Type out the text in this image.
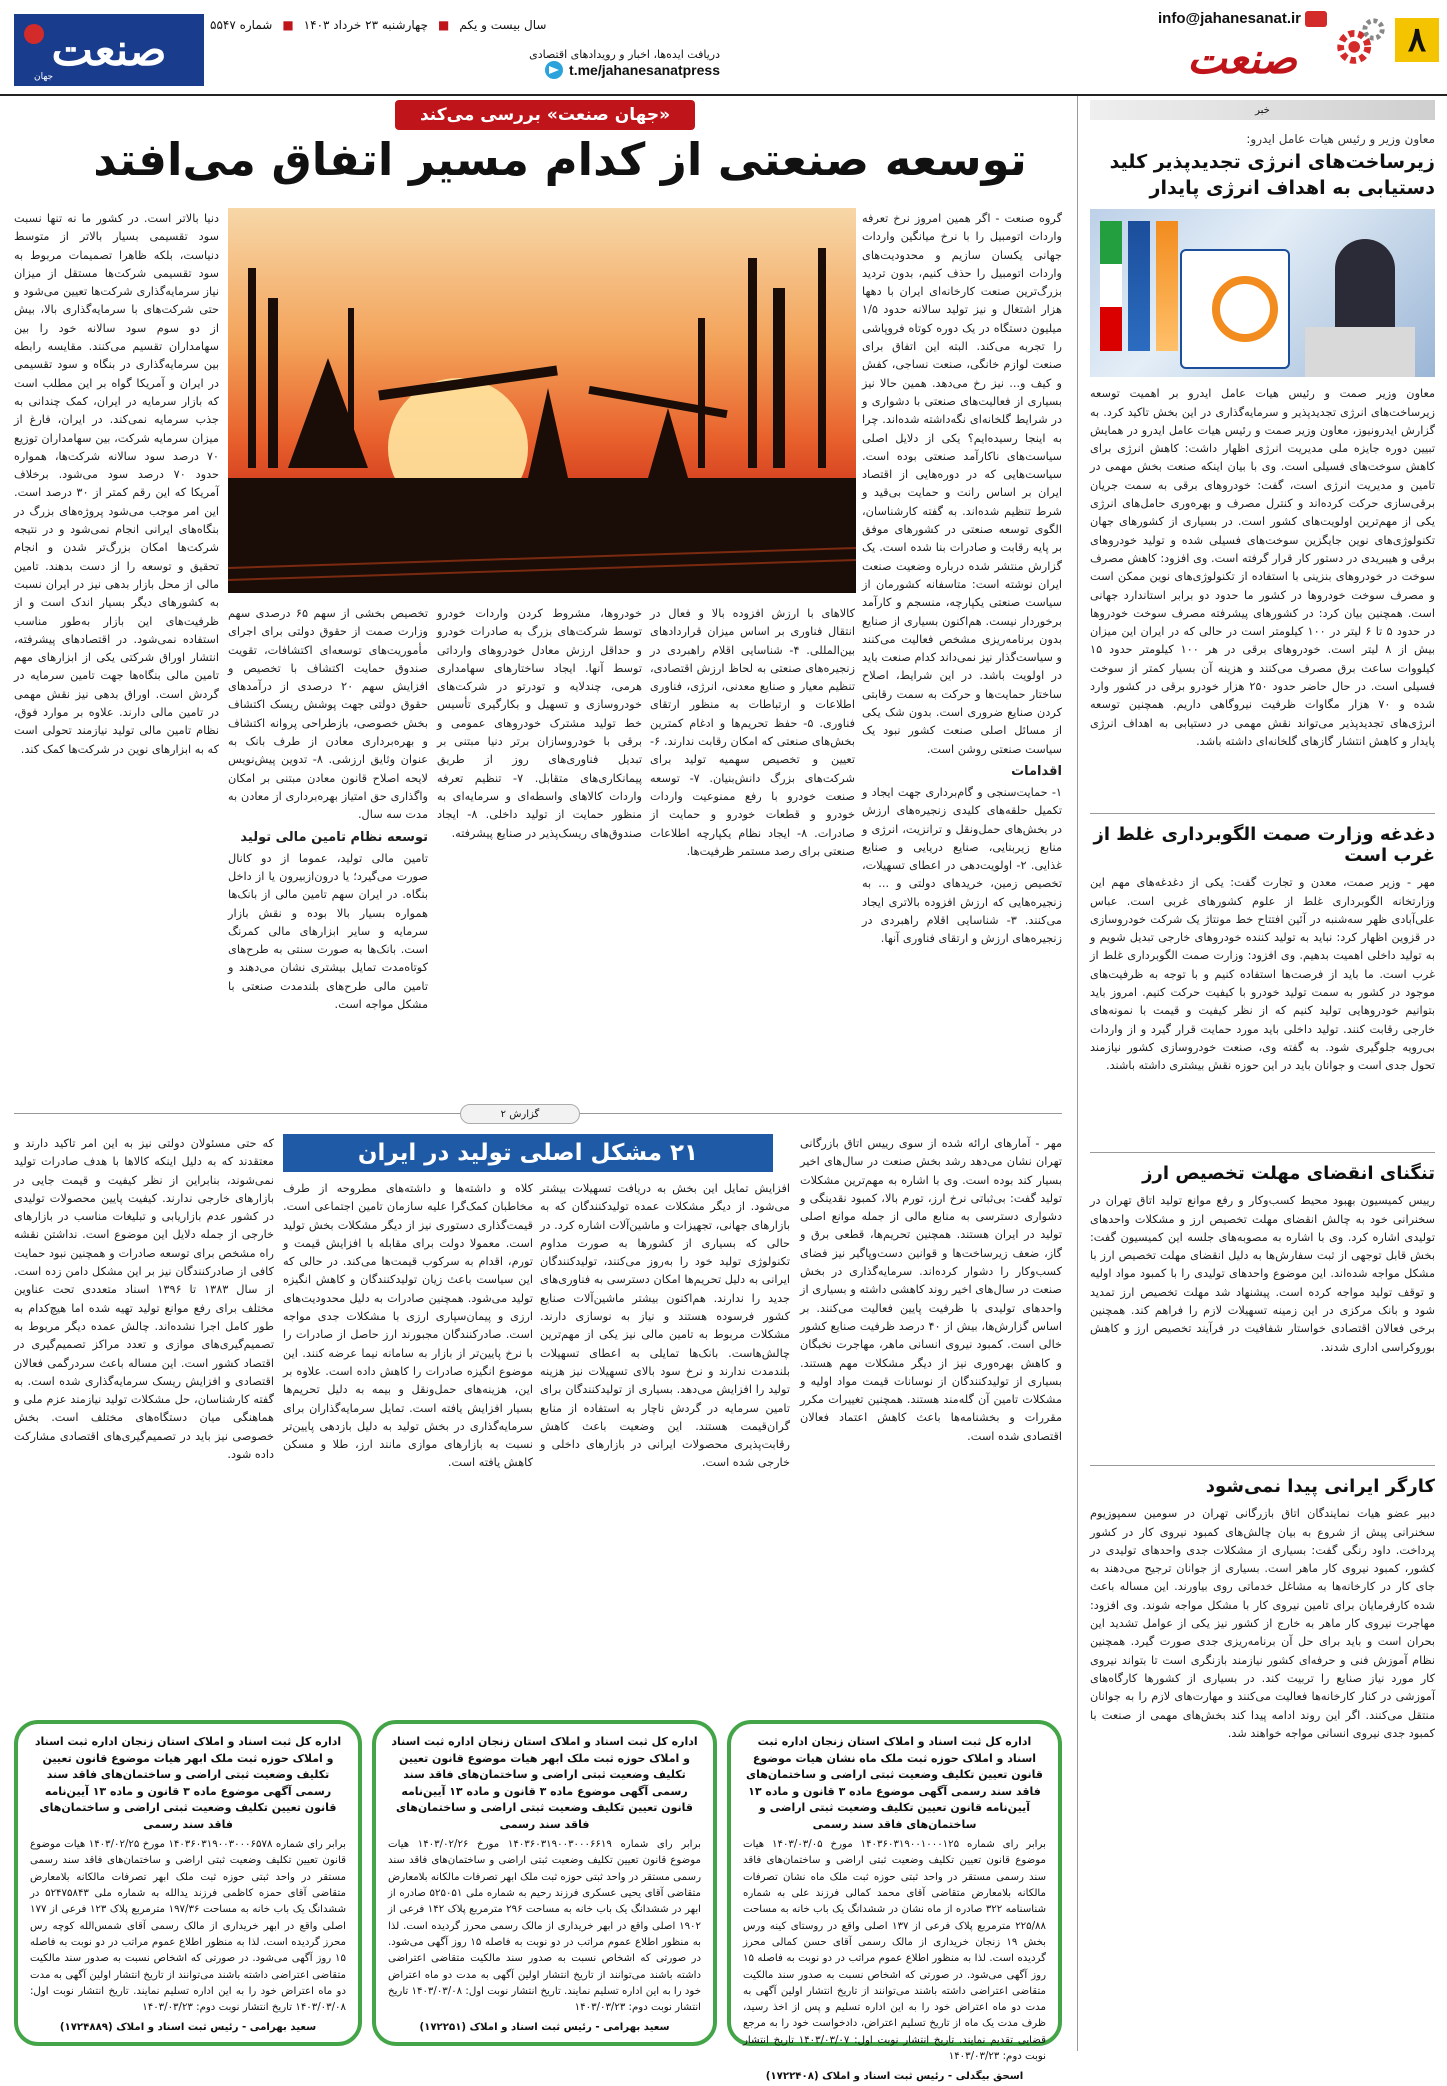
۸
info@jahanesanat.ir
صنعت
دریافت ایده‌ها، اخبار و رویدادهای اقتصادی
t.me/jahanesanatpress
سال بیست و یکم
■
چهارشنبه ۲۳ خرداد ۱۴۰۳
■
شماره ۵۵۴۷
صنعت
جهان
خبر
معاون وزیر و رئیس هیات عامل ایدرو:
زیرساخت‌های انرژی تجدیدپذیر کلید دستیابی به اهداف انرژی پایدار
معاون وزیر صمت و رئیس هیات عامل ایدرو بر اهمیت توسعه زیرساخت‌های انرژی تجدیدپذیر و سرمایه‌گذاری در این بخش تاکید کرد. به گزارش ایدرونیوز، معاون وزیر صمت و رئیس هیات عامل ایدرو در همایش تبیین دوره جایزه ملی مدیریت انرژی اظهار داشت: کاهش انرژی برای کاهش سوخت‌های فسیلی است. وی با بیان اینکه صنعت بخش مهمی در تامین و مدیریت انرژی است، گفت: خودروهای برقی به سمت جریان برقی‌سازی حرکت کرده‌اند و کنترل مصرف و بهره‌وری حامل‌های انرژی یکی از مهم‌ترین اولویت‌های کشور است. در بسیاری از کشورهای جهان تکنولوژی‌های نوین جایگزین سوخت‌های فسیلی شده و تولید خودروهای برقی و هیبریدی در دستور کار قرار گرفته است. وی افزود: کاهش مصرف سوخت در خودروهای بنزینی با استفاده از تکنولوژی‌های نوین ممکن است و مصرف سوخت خودروها در کشور ما حدود دو برابر استاندارد جهانی است. همچنین بیان کرد: در کشورهای پیشرفته مصرف سوخت خودروها در حدود ۵ تا ۶ لیتر در ۱۰۰ کیلومتر است در حالی که در ایران این میزان بیش از ۸ لیتر است. خودروهای برقی در هر ۱۰۰ کیلومتر حدود ۱۵ کیلووات ساعت برق مصرف می‌کنند و هزینه آن بسیار کمتر از سوخت فسیلی است. در حال حاضر حدود ۲۵۰ هزار خودرو برقی در کشور وارد شده و ۷۰ هزار مگاوات ظرفیت نیروگاهی داریم. همچنین توسعه انرژی‌های تجدیدپذیر می‌تواند نقش مهمی در دستیابی به اهداف انرژی پایدار و کاهش انتشار گازهای گلخانه‌ای داشته باشد.
دغدغه وزارت صمت الگوبرداری غلط از غرب است
مهر - وزیر صمت، معدن و تجارت گفت: یکی از دغدغه‌های مهم این وزارتخانه الگوبرداری غلط از علوم کشورهای غربی است. عباس علی‌آبادی ظهر سه‌شنبه در آئین افتتاح خط مونتاژ یک شرکت خودروسازی در قزوین اظهار کرد: نباید به تولید کننده خودروهای خارجی تبدیل شویم و به تولید داخلی اهمیت بدهیم. وی افزود: وزارت صمت الگوبرداری غلط از غرب است. ما باید از فرصت‌ها استفاده کنیم و با توجه به ظرفیت‌های موجود در کشور به سمت تولید خودرو با کیفیت حرکت کنیم. امروز باید بتوانیم خودروهایی تولید کنیم که از نظر کیفیت و قیمت با نمونه‌های خارجی رقابت کنند. تولید داخلی باید مورد حمایت قرار گیرد و از واردات بی‌رویه جلوگیری شود. به گفته وی، صنعت خودروسازی کشور نیازمند تحول جدی است و جوانان باید در این حوزه نقش بیشتری داشته باشند.
تنگنای انقضای مهلت تخصیص ارز
رییس کمیسیون بهبود محیط کسب‌وکار و رفع موانع تولید اتاق تهران در سخنرانی خود به چالش انقضای مهلت تخصیص ارز و مشکلات واحدهای تولیدی اشاره کرد. وی با اشاره به مصوبه‌های جلسه این کمیسیون گفت: بخش قابل توجهی از ثبت سفارش‌ها به دلیل انقضای مهلت تخصیص ارز با مشکل مواجه شده‌اند. این موضوع واحدهای تولیدی را با کمبود مواد اولیه و توقف تولید مواجه کرده است. پیشنهاد شد مهلت تخصیص ارز تمدید شود و بانک مرکزی در این زمینه تسهیلات لازم را فراهم کند. همچنین برخی فعالان اقتصادی خواستار شفافیت در فرآیند تخصیص ارز و کاهش بوروکراسی اداری شدند.
کارگر ایرانی پیدا نمی‌شود
دبیر عضو هیات نمایندگان اتاق بازرگانی تهران در سومین سمپوزیوم سخنرانی پیش از شروع به بیان چالش‌های کمبود نیروی کار در کشور پرداخت. داود رنگی گفت: بسیاری از مشکلات جدی واحدهای تولیدی در کشور، کمبود نیروی کار ماهر است. بسیاری از جوانان ترجیح می‌دهند به جای کار در کارخانه‌ها به مشاغل خدماتی روی بیاورند. این مساله باعث شده کارفرمایان برای تامین نیروی کار با مشکل مواجه شوند. وی افزود: مهاجرت نیروی کار ماهر به خارج از کشور نیز یکی از عوامل تشدید این بحران است و باید برای حل آن برنامه‌ریزی جدی صورت گیرد. همچنین نظام آموزش فنی و حرفه‌ای کشور نیازمند بازنگری است تا بتواند نیروی کار مورد نیاز صنایع را تربیت کند. در بسیاری از کشورها کارگاه‌های آموزشی در کنار کارخانه‌ها فعالیت می‌کنند و مهارت‌های لازم را به جوانان منتقل می‌کنند. اگر این روند ادامه پیدا کند بخش‌های مهمی از صنعت با کمبود جدی نیروی انسانی مواجه خواهند شد.
«جهان صنعت» بررسی می‌کند
توسعه صنعتی از کدام مسیر اتفاق می‌افتد
گروه صنعت - اگر همین امروز نرخ تعرفه واردات اتومبیل را با نرخ میانگین واردات جهانی یکسان سازیم و محدودیت‌های واردات اتومبیل را حذف کنیم، بدون تردید بزرگ‌ترین صنعت کارخانه‌ای ایران با دهها هزار اشتغال و نیز تولید سالانه حدود ۱/۵ میلیون دستگاه در یک دوره کوتاه فروپاشی را تجربه می‌کند. البته این اتفاق برای صنعت لوازم خانگی، صنعت نساجی، کفش و کیف و... نیز رخ می‌دهد. همین حالا نیز بسیاری از فعالیت‌های صنعتی با دشواری و در شرایط گلخانه‌ای نگه‌داشته شده‌اند. چرا به اینجا رسیده‌ایم؟ یکی از دلایل اصلی سیاست‌های ناکارآمد صنعتی بوده است. سیاست‌هایی که در دوره‌هایی از اقتصاد ایران بر اساس رانت و حمایت بی‌قید و شرط تنظیم شده‌اند. به گفته کارشناسان، الگوی توسعه صنعتی در کشورهای موفق بر پایه رقابت و صادرات بنا شده است. یک گزارش منتشر شده درباره وضعیت صنعت ایران نوشته است: متاسفانه کشورمان از سیاست صنعتی یکپارچه، منسجم و کارآمد برخوردار نیست. هم‌اکنون بسیاری از صنایع بدون برنامه‌ریزی مشخص فعالیت می‌کنند و سیاست‌گذار نیز نمی‌داند کدام صنعت باید در اولویت باشد. در این شرایط، اصلاح ساختار حمایت‌ها و حرکت به سمت رقابتی کردن صنایع ضروری است. بدون شک یکی از مسائل اصلی صنعت کشور نبود یک سیاست صنعتی روشن است.
اقدامات
۱- حمایت‌سنجی و گام‌برداری جهت ایجاد و تکمیل حلقه‌های کلیدی زنجیره‌های ارزش در بخش‌های حمل‌ونقل و ترانزیت، انرژی و منابع زیربنایی، صنایع دریایی و صنایع غذایی. ۲- اولویت‌دهی در اعطای تسهیلات، تخصیص زمین، خرید‌های دولتی و ... به زنجیره‌هایی که ارزش افزوده بالاتری ایجاد می‌کنند. ۳- شناسایی اقلام راهبردی در زنجیره‌های ارزش و ارتقای فناوری آنها.
کالاهای با ارزش افزوده بالا و فعال در انتقال فناوری بر اساس میزان قراردادهای بین‌المللی. ۴- شناسایی اقلام راهبردی در زنجیره‌های صنعتی به لحاظ ارزش اقتصادی، تنظیم معیار و صنایع معدنی، انرژی، فناوری اطلاعات و ارتباطات به منظور ارتقای فناوری. ۵- حفظ تحریم‌ها و ادغام کمترین بخش‌های صنعتی که امکان رقابت ندارند. ۶- تعیین و تخصیص سهمیه تولید برای شرکت‌های بزرگ دانش‌بنیان. ۷- توسعه صنعت خودرو با رفع ممنوعیت واردات خودرو و قطعات خودرو و حمایت از صادرات. ۸- ایجاد نظام یکپارچه اطلاعات صنعتی برای رصد مستمر ظرفیت‌ها.
خودروها، مشروط کردن واردات خودرو توسط شرکت‌های بزرگ به صادرات خودرو و حداقل ارزش معادل خودروهای وارداتی توسط آنها. ایجاد ساختارهای سهامداری هرمی، چندلایه و تودرتو در شرکت‌های خودروسازی و تسهیل و بکارگیری تأسیس خط تولید مشترک خودروهای عمومی و برقی با خودروسازان برتر دنیا مبتنی بر تبدیل فناوری‌های روز از طریق پیمانکاری‌های متقابل. ۷- تنظیم تعرفه واردات کالاهای واسطه‌ای و سرمایه‌ای به منظور حمایت از تولید داخلی. ۸- ایجاد صندوق‌های ریسک‌پذیر در صنایع پیشرفته.
تخصیص بخشی از سهم ۶۵ درصدی سهم وزارت صمت از حقوق دولتی برای اجرای مأموریت‌های توسعه‌ای اکتشافات، تقویت صندوق حمایت اکتشاف با تخصیص و افزایش سهم ۲۰ درصدی از درآمدهای حقوق دولتی جهت پوشش ریسک اکتشاف بخش خصوصی، بازطراحی پروانه اکتشاف و بهره‌برداری معادن از طرف بانک به عنوان وثایق ارزشی. ۸- تدوین پیش‌نویس لایحه اصلاح قانون معادن مبتنی بر امکان واگذاری حق امتیاز بهره‌برداری از معادن به مدت سه سال.
توسعه نظام تامین مالی تولید
تامین مالی تولید، عموما از دو کانال صورت می‌گیرد؛ یا درون‌ازبیرون یا از داخل بنگاه. در ایران سهم تامین مالی از بانک‌ها همواره بسیار بالا بوده و نقش بازار سرمایه و سایر ابزارهای مالی کمرنگ است. بانک‌ها به صورت سنتی به طرح‌های کوتاه‌مدت تمایل بیشتری نشان می‌دهند و تامین مالی طرح‌های بلندمدت صنعتی با مشکل مواجه است.
دنیا بالاتر است. در کشور ما نه تنها نسبت سود تقسیمی بسیار بالاتر از متوسط دنیاست، بلکه ظاهرا تصمیمات مربوط به سود تقسیمی شرکت‌ها مستقل از میزان نیاز سرمایه‌گذاری شرکت‌ها تعیین می‌شود و حتی شرکت‌های با سرمایه‌گذاری بالا، بیش از دو سوم سود سالانه خود را بین سهامداران تقسیم می‌کنند. مقایسه رابطه بین سرمایه‌گذاری در بنگاه و سود تقسیمی در ایران و آمریکا گواه بر این مطلب است که بازار سرمایه در ایران، کمک چندانی به جذب سرمایه نمی‌کند. در ایران، فارغ از میزان سرمایه شرکت، بین سهامداران توزیع ۷۰ درصد سود سالانه شرکت‌ها، همواره حدود ۷۰ درصد سود می‌شود. برخلاف آمریکا که این رقم کمتر از ۳۰ درصد است. این امر موجب می‌شود پروژه‌های بزرگ در بنگاه‌های ایرانی انجام نمی‌شود و در نتیجه شرکت‌ها امکان بزرگ‌تر شدن و انجام تحقیق و توسعه را از دست بدهند. تامین مالی از محل بازار بدهی نیز در ایران نسبت به کشورهای دیگر بسیار اندک است و از ظرفیت‌های این بازار به‌طور مناسب استفاده نمی‌شود. در اقتصادهای پیشرفته، انتشار اوراق شرکتی یکی از ابزارهای مهم تامین مالی بنگاه‌ها جهت تامین سرمایه در گردش است. اوراق بدهی نیز نقش مهمی در تامین مالی دارند. علاوه بر موارد فوق، نظام تامین مالی تولید نیازمند تحولی است که به ابزارهای نوین در شرکت‌ها کمک کند.
گزارش ۲
۲۱ مشکل اصلی تولید در ایران	مهر - آمارهای ارائه شده از سوی رییس اتاق بازرگانی تهران نشان می‌دهد رشد بخش صنعت در سال‌های اخیر بسیار کند بوده است. وی با اشاره به مهم‌ترین مشکلات تولید گفت: بی‌ثباتی نرخ ارز، تورم بالا، کمبود نقدینگی و دشواری دسترسی به منابع مالی از جمله موانع اصلی تولید در ایران هستند. همچنین تحریم‌ها، قطعی برق و گاز، ضعف زیرساخت‌ها و قوانین دست‌وپاگیر نیز فضای کسب‌وکار را دشوار کرده‌اند. سرمایه‌گذاری در بخش صنعت در سال‌های اخیر روند کاهشی داشته و بسیاری از واحدهای تولیدی با ظرفیت پایین فعالیت می‌کنند. بر اساس گزارش‌ها، بیش از ۴۰ درصد ظرفیت صنایع کشور خالی است. کمبود نیروی انسانی ماهر، مهاجرت نخبگان و کاهش بهره‌وری نیز از دیگر مشکلات مهم هستند. بسیاری از تولیدکنندگان از نوسانات قیمت مواد اولیه و مشکلات تامین آن گله‌مند هستند. همچنین تغییرات مکرر مقررات و بخشنامه‌ها باعث کاهش اعتماد فعالان اقتصادی شده است.
افزایش تمایل این بخش به دریافت تسهیلات بیشتر می‌شود. از دیگر مشکلات عمده تولیدکنندگان که به بازارهای جهانی، تجهیزات و ماشین‌آلات اشاره کرد. در حالی که بسیاری از کشورها به صورت مداوم تکنولوژی تولید خود را به‌روز می‌کنند، تولیدکنندگان ایرانی به دلیل تحریم‌ها امکان دسترسی به فناوری‌های جدید را ندارند. هم‌اکنون بیشتر ماشین‌آلات صنایع کشور فرسوده هستند و نیاز به نوسازی دارند. مشکلات مربوط به تامین مالی نیز یکی از مهم‌ترین چالش‌هاست. بانک‌ها تمایلی به اعطای تسهیلات بلندمدت ندارند و نرخ سود بالای تسهیلات نیز هزینه تولید را افزایش می‌دهد. بسیاری از تولیدکنندگان برای تامین سرمایه در گردش ناچار به استفاده از منابع گران‌قیمت هستند. این وضعیت باعث کاهش رقابت‌پذیری محصولات ایرانی در بازارهای داخلی و خارجی شده است.
کلاه و داشته‌ها و داشته‌های مطروحه از طرف مخاطبان کمک‌گرا علیه سازمان تامین اجتماعی است. قیمت‌گذاری دستوری نیز از دیگر مشکلات بخش تولید است. معمولا دولت برای مقابله با افزایش قیمت و تورم، اقدام به سرکوب قیمت‌ها می‌کند. در حالی که این سیاست باعث زیان تولیدکنندگان و کاهش انگیزه تولید می‌شود. همچنین صادرات به دلیل محدودیت‌های ارزی و پیمان‌سپاری ارزی با مشکلات جدی مواجه است. صادرکنندگان مجبورند ارز حاصل از صادرات را با نرخ پایین‌تر از بازار به سامانه نیما عرضه کنند. این موضوع انگیزه صادرات را کاهش داده است. علاوه بر این، هزینه‌های حمل‌ونقل و بیمه به دلیل تحریم‌ها بسیار افزایش یافته است. تمایل سرمایه‌گذاران برای سرمایه‌گذاری در بخش تولید به دلیل بازدهی پایین‌تر نسبت به بازارهای موازی مانند ارز، طلا و مسکن کاهش یافته است.
که حتی مسئولان دولتی نیز به این امر تاکید دارند و معتقدند که به دلیل اینکه کالاها با هدف صادرات تولید نمی‌شوند، بنابراین از نظر کیفیت و قیمت جایی در بازارهای خارجی ندارند. کیفیت پایین محصولات تولیدی در کشور عدم بازاریابی و تبلیغات مناسب در بازارهای خارجی از جمله دلایل این موضوع است. نداشتن نقشه راه مشخص برای توسعه صادرات و همچنین نبود حمایت کافی از صادرکنندگان نیز بر این مشکل دامن زده است. از سال ۱۳۸۳ تا ۱۳۹۶ اسناد متعددی تحت عناوین مختلف برای رفع موانع تولید تهیه شده اما هیچ‌کدام به طور کامل اجرا نشده‌اند. چالش عمده دیگر مربوط به تصمیم‌گیری‌های موازی و تعدد مراکز تصمیم‌گیری در اقتصاد کشور است. این مساله باعث سردرگمی فعالان اقتصادی و افزایش ریسک سرمایه‌گذاری شده است. به گفته کارشناسان، حل مشکلات تولید نیازمند عزم ملی و هماهنگی میان دستگاه‌های مختلف است. بخش خصوصی نیز باید در تصمیم‌گیری‌های اقتصادی مشارکت داده شود.
اداره کل ثبت اسناد و املاک استان زنجان اداره ثبت اسناد و املاک حوزه ثبت ملک ماه نشان هیات موضوع قانون تعیین تکلیف وضعیت ثبتی اراضی و ساختمان‌های فاقد سند رسمی آگهی موضوع ماده ۳ قانون و ماده ۱۳ آیین‌نامه قانون تعیین تکلیف وضعیت ثبتی اراضی و ساختمان‌های فاقد سند رسمی
برابر رای شماره ۱۴۰۳۶۰۳۱۹۰۰۱۰۰۰۱۲۵ مورخ ۱۴۰۳/۰۳/۰۵ هیات موضوع قانون تعیین تکلیف وضعیت ثبتی اراضی و ساختمان‌های فاقد سند رسمی مستقر در واحد ثبتی حوزه ثبت ملک ماه نشان تصرفات مالکانه بلامعارض متقاضی آقای محمد کمالی فرزند علی به شماره شناسنامه ۳۲۲ صادره از ماه نشان در ششدانگ یک باب خانه به مساحت ۲۲۵/۸۸ مترمربع پلاک فرعی از ۱۳۷ اصلی واقع در روستای کینه ورس بخش ۱۹ زنجان خریداری از مالک رسمی آقای حسن کمالی محرز گردیده است. لذا به منظور اطلاع عموم مراتب در دو نوبت به فاصله ۱۵ روز آگهی می‌شود. در صورتی که اشخاص نسبت به صدور سند مالکیت متقاضی اعتراضی داشته باشند می‌توانند از تاریخ انتشار اولین آگهی به مدت دو ماه اعتراض خود را به این اداره تسلیم و پس از اخذ رسید، ظرف مدت یک ماه از تاریخ تسلیم اعتراض، دادخواست خود را به مرجع قضایی تقدیم نمایند. تاریخ انتشار نوبت اول: ۱۴۰۳/۰۳/۰۷ تاریخ انتشار نوبت دوم: ۱۴۰۳/۰۳/۲۳
اسحق بیگدلی - رئیس ثبت اسناد و املاک (۱۷۲۲۴۰۸)
اداره کل ثبت اسناد و املاک استان زنجان اداره ثبت اسناد و املاک حوزه ثبت ملک ابهر هیات موضوع قانون تعیین تکلیف وضعیت ثبتی اراضی و ساختمان‌های فاقد سند رسمی آگهی موضوع ماده ۳ قانون و ماده ۱۳ آیین‌نامه قانون تعیین تکلیف وضعیت ثبتی اراضی و ساختمان‌های فاقد سند رسمی
برابر رای شماره ۱۴۰۳۶۰۳۱۹۰۰۳۰۰۰۶۶۱۹ مورخ ۱۴۰۳/۰۲/۲۶ هیات موضوع قانون تعیین تکلیف وضعیت ثبتی اراضی و ساختمان‌های فاقد سند رسمی مستقر در واحد ثبتی حوزه ثبت ملک ابهر تصرفات مالکانه بلامعارض متقاضی آقای یحیی عسکری فرزند رحیم به شماره ملی ۵۲۵۰۵۱ صادره از ابهر در ششدانگ یک باب خانه به مساحت ۲۹۶ مترمربع پلاک ۱۴۲ فرعی از ۱۹۰۲ اصلی واقع در ابهر خریداری از مالک رسمی محرز گردیده است. لذا به منظور اطلاع عموم مراتب در دو نوبت به فاصله ۱۵ روز آگهی می‌شود. در صورتی که اشخاص نسبت به صدور سند مالکیت متقاضی اعتراضی داشته باشند می‌توانند از تاریخ انتشار اولین آگهی به مدت دو ماه اعتراض خود را به این اداره تسلیم نمایند. تاریخ انتشار نوبت اول: ۱۴۰۳/۰۳/۰۸ تاریخ انتشار نوبت دوم: ۱۴۰۳/۰۳/۲۳
سعید بهرامی - رئیس ثبت اسناد و املاک (۱۷۲۲۵۱)
اداره کل ثبت اسناد و املاک استان زنجان اداره ثبت اسناد و املاک حوزه ثبت ملک ابهر هیات موضوع قانون تعیین تکلیف وضعیت ثبتی اراضی و ساختمان‌های فاقد سند رسمی آگهی موضوع ماده ۳ قانون و ماده ۱۳ آیین‌نامه قانون تعیین تکلیف وضعیت ثبتی اراضی و ساختمان‌های فاقد سند رسمی
برابر رای شماره ۱۴۰۳۶۰۳۱۹۰۰۳۰۰۰۶۵۷۸ مورخ ۱۴۰۳/۰۲/۲۵ هیات موضوع قانون تعیین تکلیف وضعیت ثبتی اراضی و ساختمان‌های فاقد سند رسمی مستقر در واحد ثبتی حوزه ثبت ملک ابهر تصرفات مالکانه بلامعارض متقاضی آقای حمزه کاظمی فرزند یدالله به شماره ملی ۵۲۴۷۵۸۴۳ در ششدانگ یک باب خانه به مساحت ۱۹۷/۳۶ مترمربع پلاک ۱۲۳ فرعی از ۱۷۷ اصلی واقع در ابهر خریداری از مالک رسمی آقای شمس‌الله کوچه رس محرز گردیده است. لذا به منظور اطلاع عموم مراتب در دو نوبت به فاصله ۱۵ روز آگهی می‌شود. در صورتی که اشخاص نسبت به صدور سند مالکیت متقاضی اعتراضی داشته باشند می‌توانند از تاریخ انتشار اولین آگهی به مدت دو ماه اعتراض خود را به این اداره تسلیم نمایند. تاریخ انتشار نوبت اول: ۱۴۰۳/۰۳/۰۸ تاریخ انتشار نوبت دوم: ۱۴۰۳/۰۳/۲۳
سعید بهرامی - رئیس ثبت اسناد و املاک (۱۷۲۴۸۸۹)
